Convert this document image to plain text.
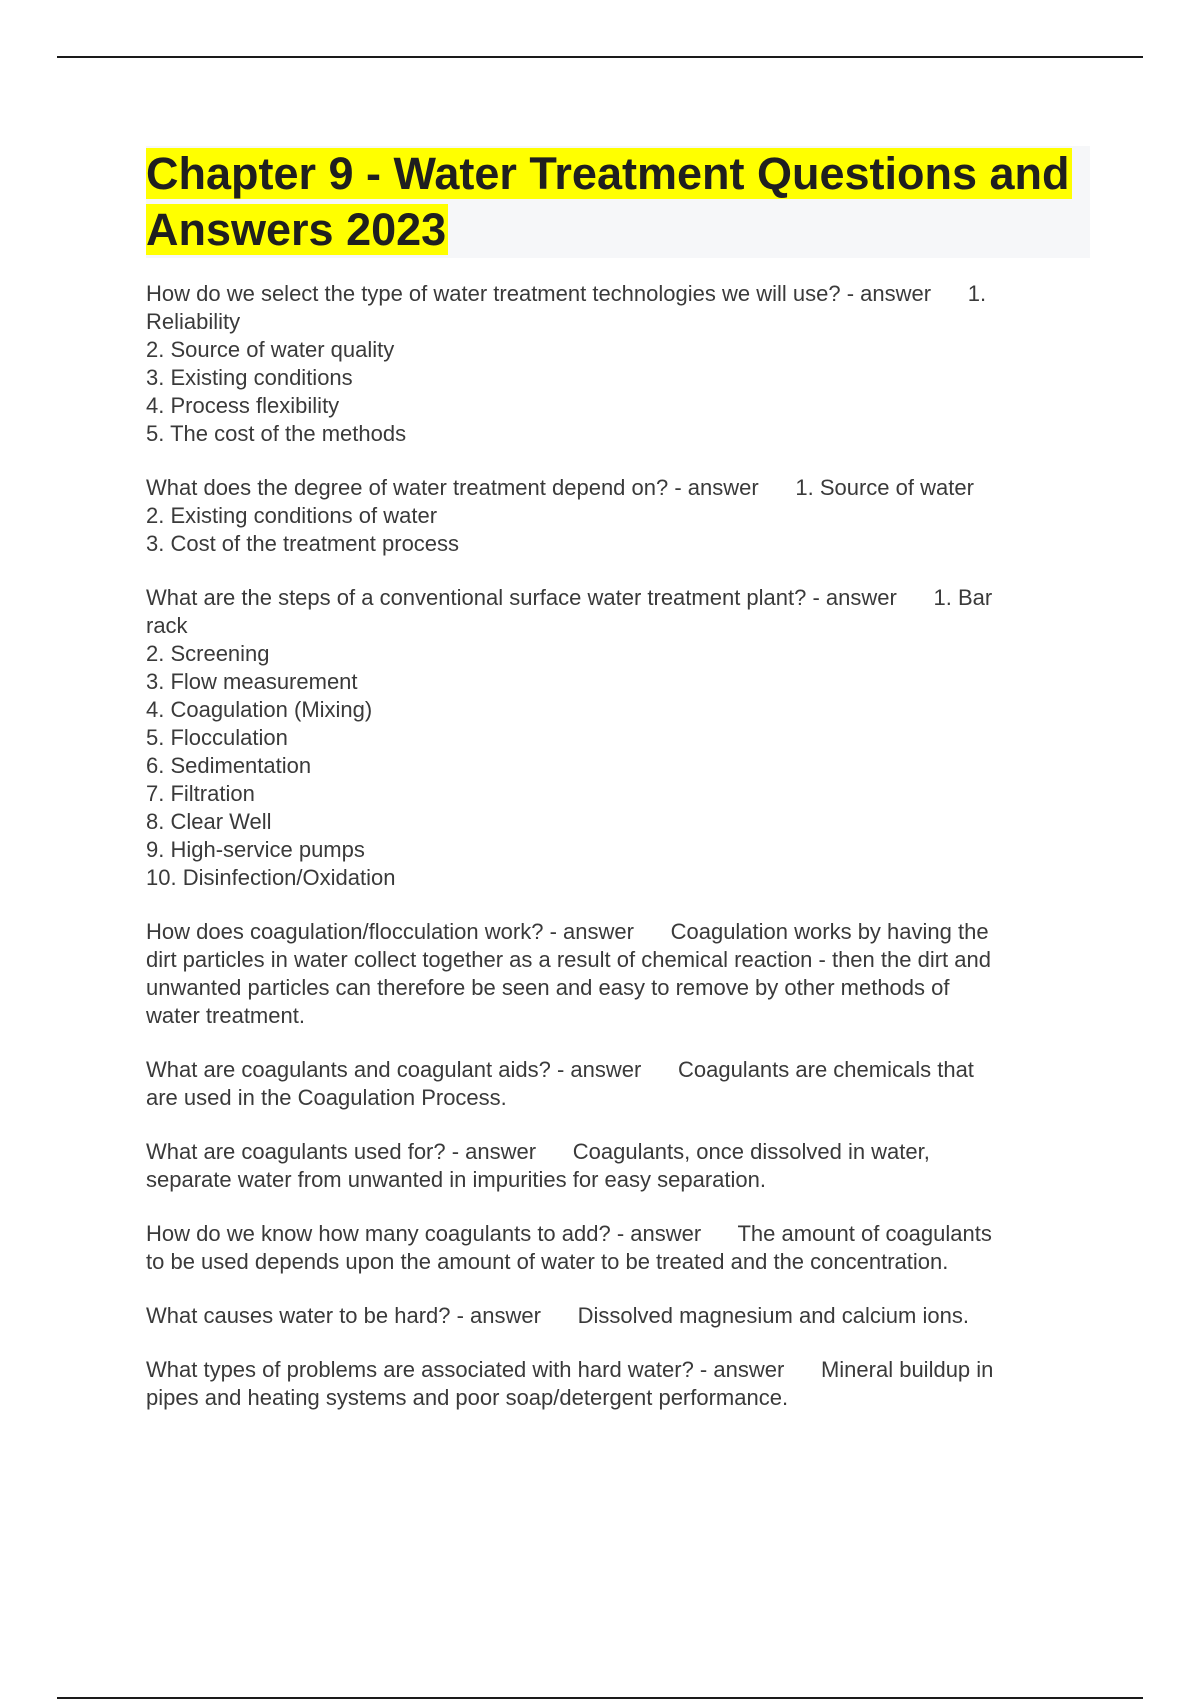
Chapter 9 - Water Treatment Questions and Answers 2023
How do we select the type of water treatment technologies we will use? - answer      1.
Reliability
2. Source of water quality
3. Existing conditions
4. Process flexibility
5. The cost of the methods
What does the degree of water treatment depend on? - answer      1. Source of water
2. Existing conditions of water
3. Cost of the treatment process
What are the steps of a conventional surface water treatment plant? - answer      1. Bar
rack
2. Screening
3. Flow measurement
4. Coagulation (Mixing)
5. Flocculation
6. Sedimentation
7. Filtration
8. Clear Well
9. High-service pumps
10. Disinfection/Oxidation
How does coagulation/flocculation work? - answer      Coagulation works by having the
dirt particles in water collect together as a result of chemical reaction - then the dirt and
unwanted particles can therefore be seen and easy to remove by other methods of
water treatment.
What are coagulants and coagulant aids? - answer      Coagulants are chemicals that
are used in the Coagulation Process.
What are coagulants used for? - answer      Coagulants, once dissolved in water,
separate water from unwanted in impurities for easy separation.
How do we know how many coagulants to add? - answer      The amount of coagulants
to be used depends upon the amount of water to be treated and the concentration.
What causes water to be hard? - answer      Dissolved magnesium and calcium ions.
What types of problems are associated with hard water? - answer      Mineral buildup in
pipes and heating systems and poor soap/detergent performance.
